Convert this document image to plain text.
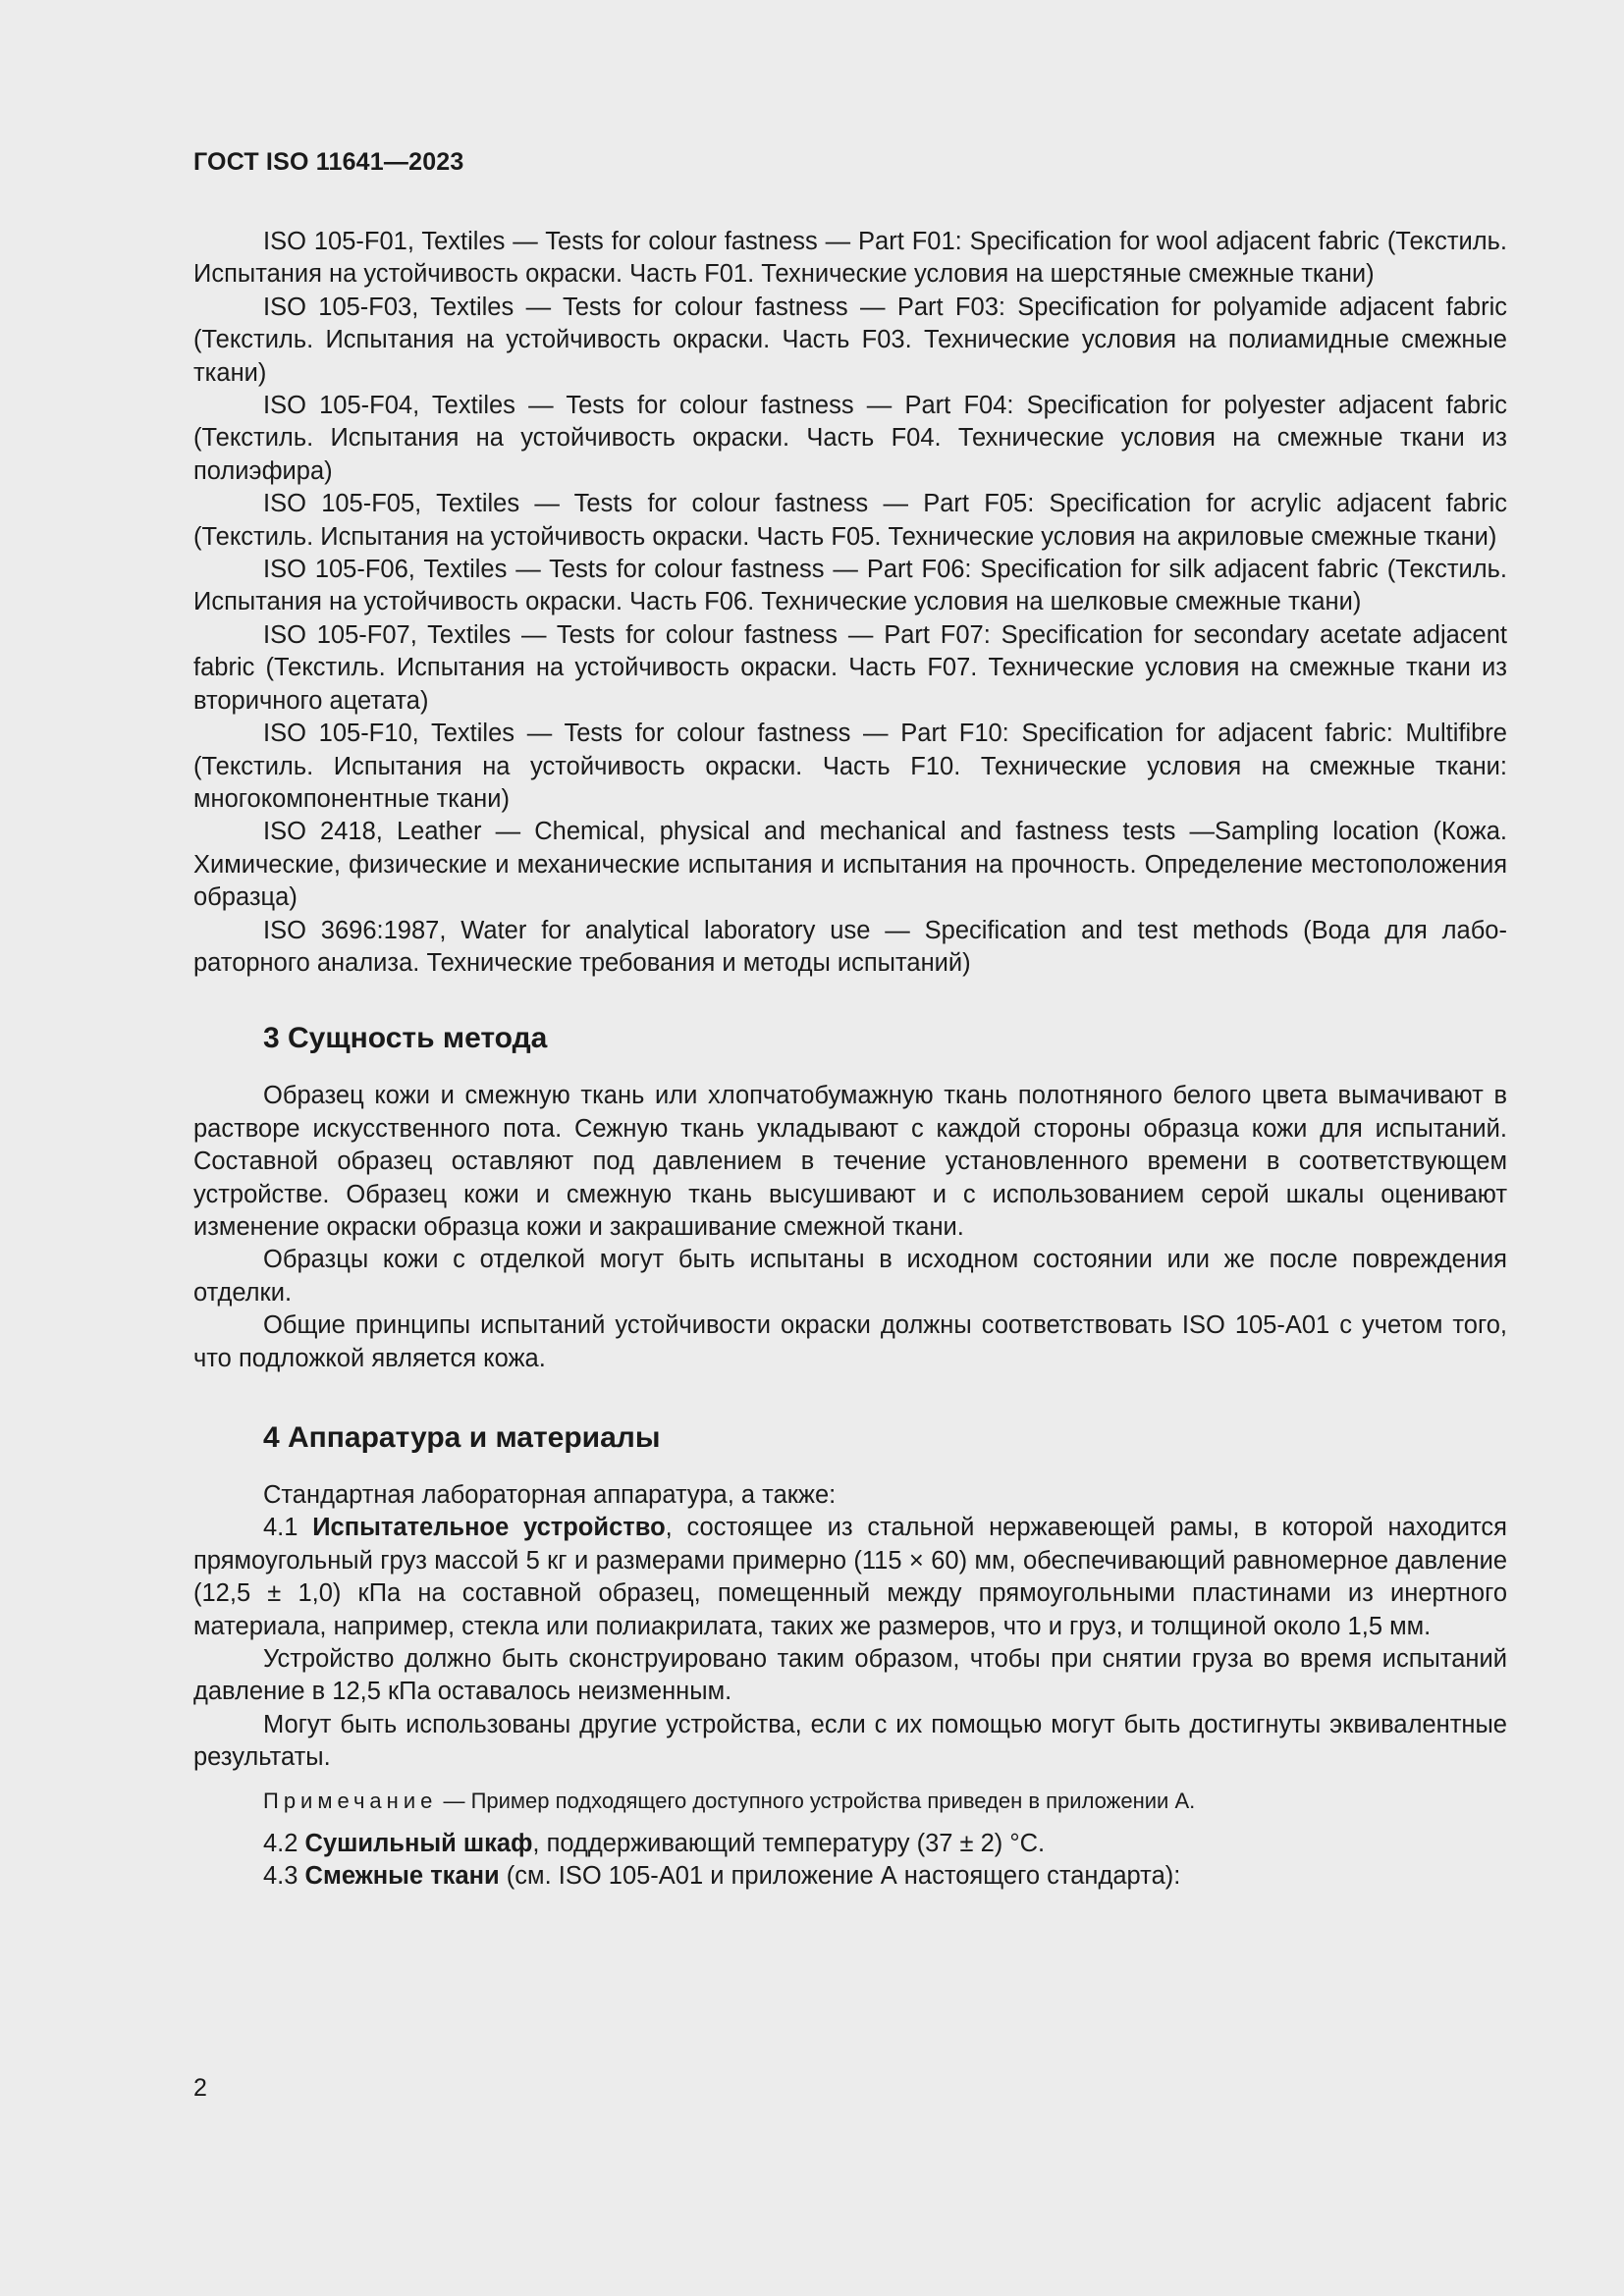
ГОСТ ISO 11641—2023

ISO 105-F01, Textiles — Tests for colour fastness — Part F01: Specification for wool adjacent fabric (Текстиль. Испытания на устойчивость окраски. Часть F01. Технические условия на шерстяные смежные ткани)

ISO 105-F03, Textiles — Tests for colour fastness — Part F03: Specification for polyamide adjacent fabric (Текстиль. Испытания на устойчивость окраски. Часть F03. Технические условия на полиамидные смежные ткани)

ISO 105-F04, Textiles — Tests for colour fastness — Part F04: Specification for polyester adjacent fabric (Текстиль. Испытания на устойчивость окраски. Часть F04. Технические условия на смежные ткани из полиэфира)

ISO 105-F05, Textiles — Tests for colour fastness — Part F05: Specification for acrylic adjacent fabric (Текстиль. Испытания на устойчивость окраски. Часть F05. Технические условия на акриловые смежные ткани)

ISO 105-F06, Textiles — Tests for colour fastness — Part F06: Specification for silk adjacent fabric (Текстиль. Испытания на устойчивость окраски. Часть F06. Технические условия на шелковые смежные ткани)

ISO 105-F07, Textiles — Tests for colour fastness — Part F07: Specification for secondary acetate adjacent fabric (Текстиль. Испытания на устойчивость окраски. Часть F07. Технические условия на смежные ткани из вторичного ацетата)

ISO 105-F10, Textiles — Tests for colour fastness — Part F10: Specification for adjacent fabric: Multifibre (Текстиль. Испытания на устойчивость окраски. Часть F10. Технические условия на смежные ткани: многокомпонентные ткани)

ISO 2418, Leather — Chemical, physical and mechanical and fastness tests —Sampling location (Кожа. Химические, физические и механические испытания и испытания на прочность. Определение местоположения образца)

ISO 3696:1987, Water for analytical laboratory use — Specification and test methods (Вода для лабораторного анализа. Технические требования и методы испытаний)

3 Сущность метода

Образец кожи и смежную ткань или хлопчатобумажную ткань полотняного белого цвета вымачивают в растворе искусственного пота. Сежную ткань укладывают с каждой стороны образца кожи для испытаний. Составной образец оставляют под давлением в течение установленного времени в соответствующем устройстве. Образец кожи и смежную ткань высушивают и с использованием серой шкалы оценивают изменение окраски образца кожи и закрашивание смежной ткани.

Образцы кожи с отделкой могут быть испытаны в исходном состоянии или же после повреждения отделки.

Общие принципы испытаний устойчивости окраски должны соответствовать ISO 105-A01 с учетом того, что подложкой является кожа.

4 Аппаратура и материалы

Стандартная лабораторная аппаратура, а также:

4.1 Испытательное устройство, состоящее из стальной нержавеющей рамы, в которой находится прямоугольный груз массой 5 кг и размерами примерно (115 × 60) мм, обеспечивающий равномерное давление (12,5 ± 1,0) кПа на составной образец, помещенный между прямоугольными пластинами из инертного материала, например, стекла или полиакрилата, таких же размеров, что и груз, и толщиной около 1,5 мм.

Устройство должно быть сконструировано таким образом, чтобы при снятии груза во время испытаний давление в 12,5 кПа оставалось неизменным.

Могут быть использованы другие устройства, если с их помощью могут быть достигнуты эквивалентные результаты.

Примечание — Пример подходящего доступного устройства приведен в приложении А.

4.2 Сушильный шкаф, поддерживающий температуру (37 ± 2) °С.

4.3 Смежные ткани (см. ISO 105-A01 и приложение А настоящего стандарта):

2
